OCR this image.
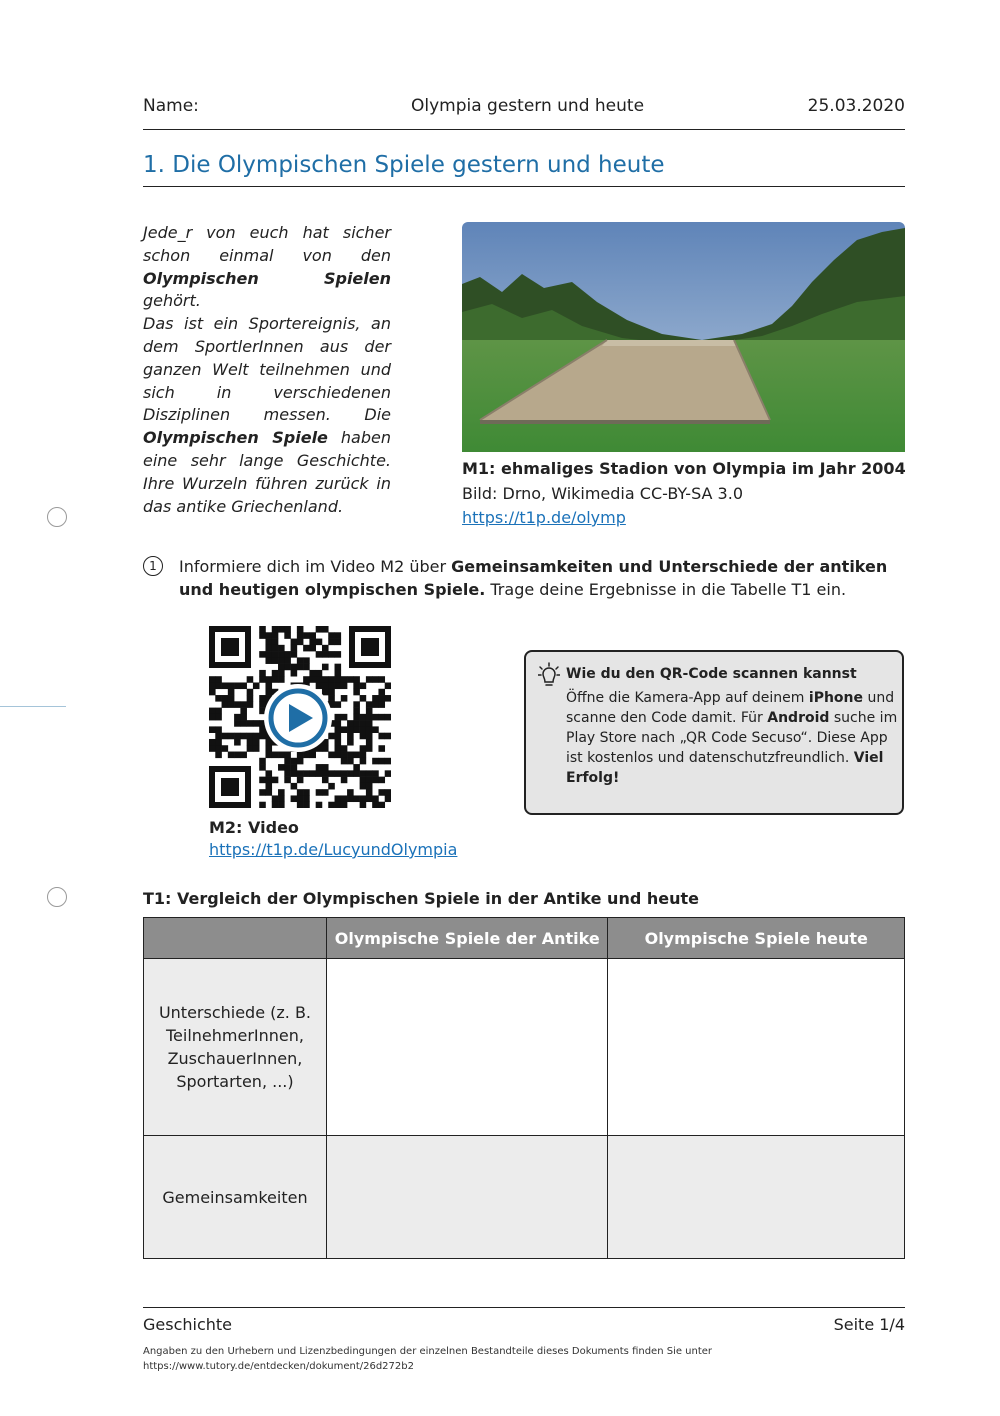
Name:	Olympia gestern und heute	25.03.2020
1. Die Olympischen Spiele gestern und heute

Jede_r von euch hat sicher schon einmal von den Olympischen Spielen gehört.

Das ist ein Sportereignis, an dem SportlerInnen aus der ganzen Welt teilnehmen und sich in verschiedenen Disziplinen messen. Die Olympischen Spiele haben eine sehr lange Geschichte. Ihre Wurzeln führen zurück in das antike Griechenland.

M1: ehmaliges Stadion von Olympia im Jahr 2004
Bild: Drno, Wikimedia CC-BY-SA 3.0
https://t1p.de/olymp
1	Informiere dich im Video M2 über Gemeinsamkeiten und Unterschiede der antiken und heutigen olympischen Spiele. Trage deine Ergebnisse in die Tabelle T1 ein.
M2: Video
https://t1p.de/LucyundOlympia
Wie du den QR-Code scannen kannst
Öffne die Kamera-App auf deinem iPhone und scanne den Code damit. Für Android suche im Play Store nach „QR Code Secuso“. Diese App ist kostenlos und datenschutzfreundlich. Viel Erfolg!
T1: Vergleich der Olympischen Spiele in der Antike und heute
	Olympische Spiele der Antike	Olympische Spiele heute

Unterschiede (z. B. TeilnehmerInnen, ZuschauerInnen, Sportarten, ...)		

Gemeinsamkeiten		
Geschichte	Seite 1/4
Angaben zu den Urhebern und Lizenzbedingungen der einzelnen Bestandteile dieses Dokuments finden Sie unter
https://www.tutory.de/entdecken/dokument/26d272b2
